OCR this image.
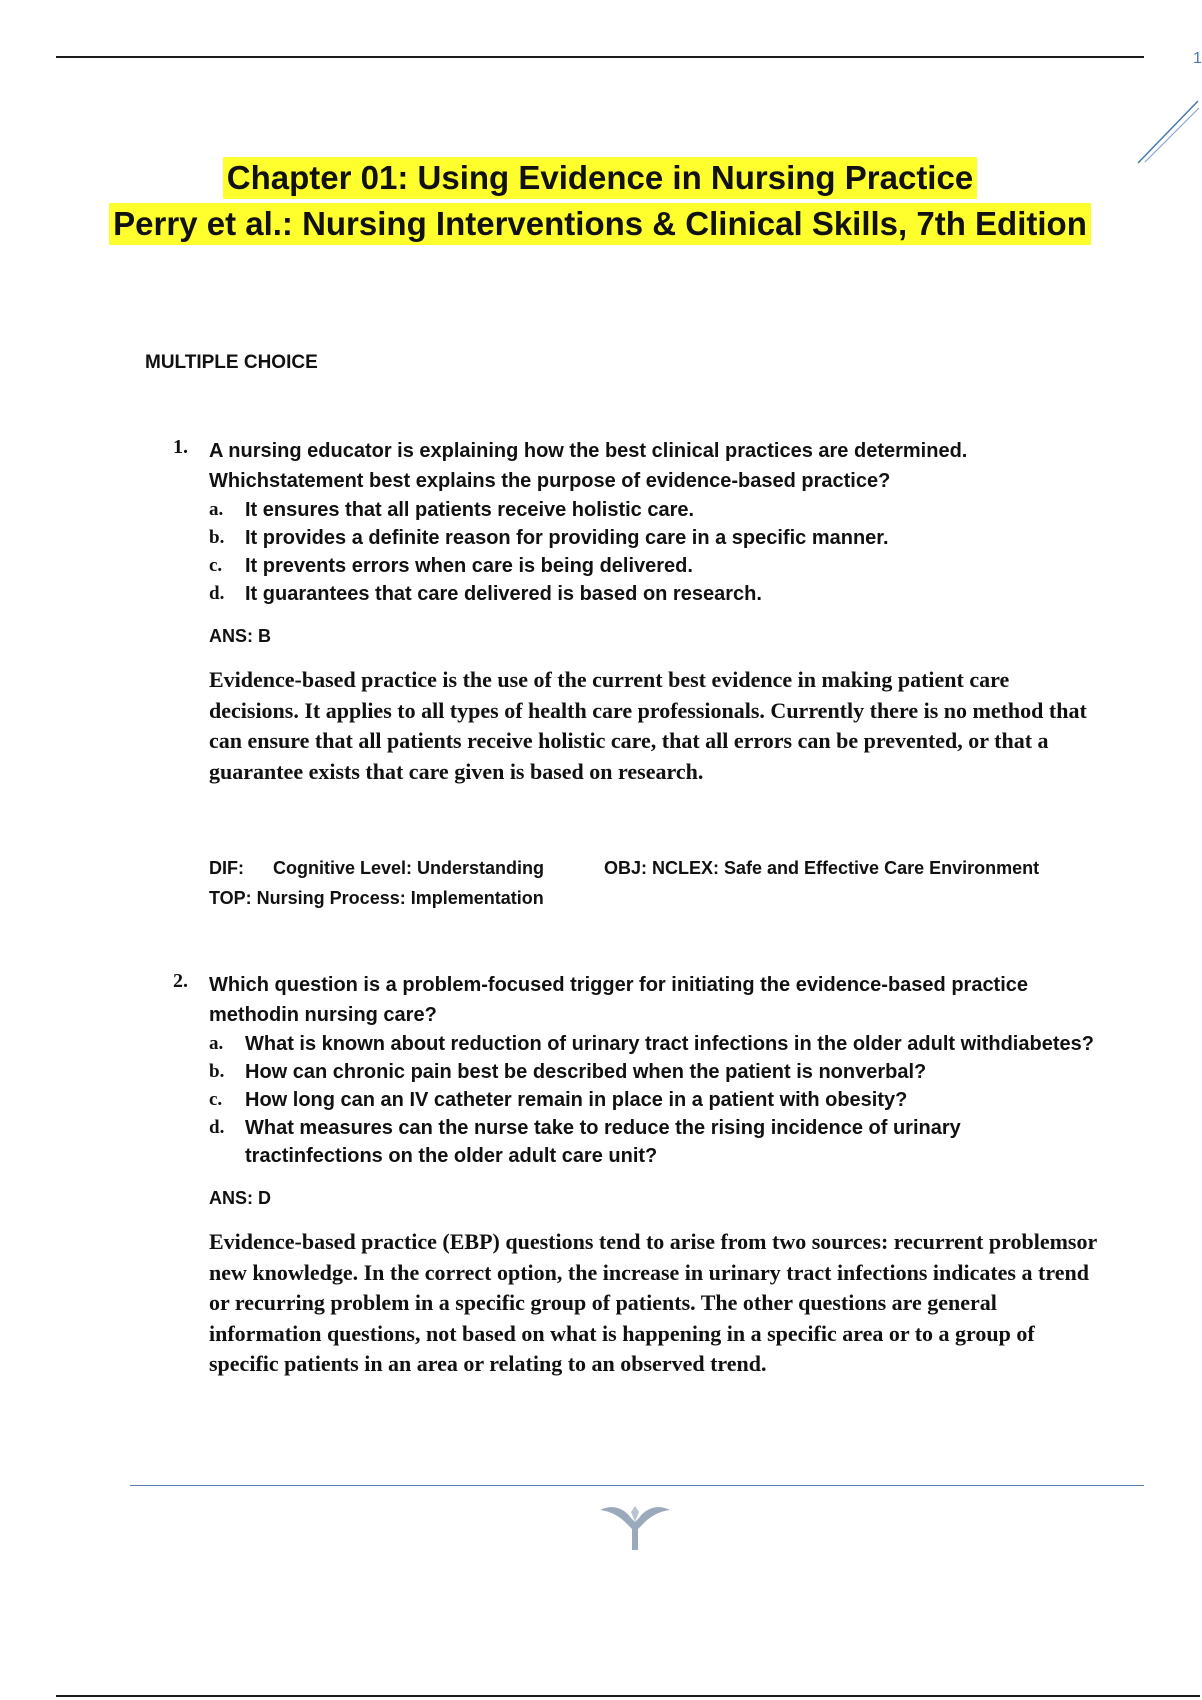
1
Chapter 01: Using Evidence in Nursing Practice
Perry et al.: Nursing Interventions & Clinical Skills, 7th Edition
MULTIPLE CHOICE
1. A nursing educator is explaining how the best clinical practices are determined. Whichstatement best explains the purpose of evidence-based practice?
a. It ensures that all patients receive holistic care.
b. It provides a definite reason for providing care in a specific manner.
c. It prevents errors when care is being delivered.
d. It guarantees that care delivered is based on research.
ANS: B
Evidence-based practice is the use of the current best evidence in making patient care decisions. It applies to all types of health care professionals. Currently there is no method that can ensure that all patients receive holistic care, that all errors can be prevented, or that a guarantee exists that care given is based on research.
DIF: Cognitive Level: Understanding	OBJ: NCLEX: Safe and Effective Care Environment
TOP: Nursing Process: Implementation
2. Which question is a problem-focused trigger for initiating the evidence-based practice methodin nursing care?
a. What is known about reduction of urinary tract infections in the older adult withdiabetes?
b. How can chronic pain best be described when the patient is nonverbal?
c. How long can an IV catheter remain in place in a patient with obesity?
d. What measures can the nurse take to reduce the rising incidence of urinary tractinfections on the older adult care unit?
ANS: D
Evidence-based practice (EBP) questions tend to arise from two sources: recurrent problemsor new knowledge. In the correct option, the increase in urinary tract infections indicates a trend or recurring problem in a specific group of patients. The other questions are general information questions, not based on what is happening in a specific area or to a group of specific patients in an area or relating to an observed trend.
